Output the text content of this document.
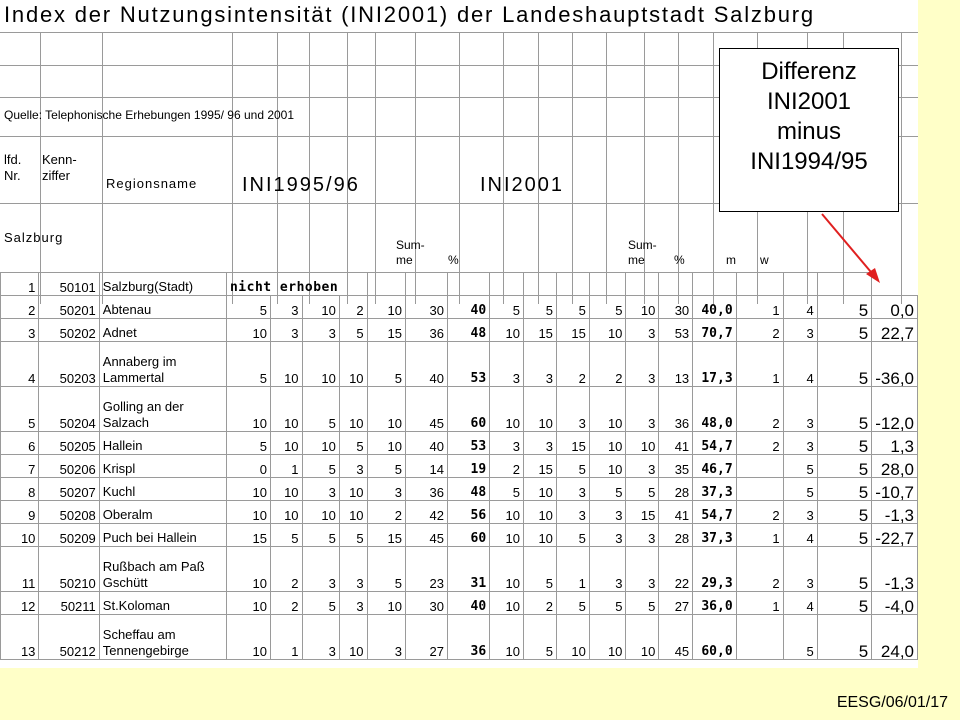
Index der Nutzungsintensität (INI2001) der Landeshauptstadt Salzburg
Quelle: Telephonische Erhebungen 1995/ 96 und 2001
lfd.
Nr.
Kenn-
ziffer
Regionsname INI1995/96	INI2001
Salzburg	Sum-
me	%
Sum-
me	%	m w
1	50101	Salzburg(Stadt)	nicht erhoben																	
2	50201	Abtenau	5	3	10	2	10	30	40	5	5	5	5	10	30	40,0	1	4	5	0,0
3	50202	Adnet	10	3	3	5	15	36	48	10	15	15	10	3	53	70,7	2	3	5	22,7
4	50203	Annaberg im Lammertal	5	10	10	10	5	40	53	3	3	2	2	3	13	17,3	1	4	5	-36,0
5	50204	Golling an der Salzach	10	10	5	10	10	45	60	10	10	3	10	3	36	48,0	2	3	5	-12,0
6	50205	Hallein	5	10	10	5	10	40	53	3	3	15	10	10	41	54,7	2	3	5	1,3
7	50206	Krispl	0	1	5	3	5	14	19	2	15	5	10	3	35	46,7		5	5	28,0
8	50207	Kuchl	10	10	3	10	3	36	48	5	10	3	5	5	28	37,3		5	5	-10,7
9	50208	Oberalm	10	10	10	10	2	42	56	10	10	3	3	15	41	54,7	2	3	5	-1,3
10	50209	Puch bei Hallein	15	5	5	5	15	45	60	10	10	5	3	3	28	37,3	1	4	5	-22,7
11	50210	Rußbach am Paß Gschütt	10	2	3	3	5	23	31	10	5	1	3	3	22	29,3	2	3	5	-1,3
12	50211	St.Koloman	10	2	5	3	10	30	40	10	2	5	5	5	27	36,0	1	4	5	-4,0
13	50212	Scheffau am Tennengebirge	10	1	3	10	3	27	36	10	5	10	10	10	45	60,0		5	5	24,0
Differenz
INI2001
minus
INI1994/95
EESG/06/01/17
